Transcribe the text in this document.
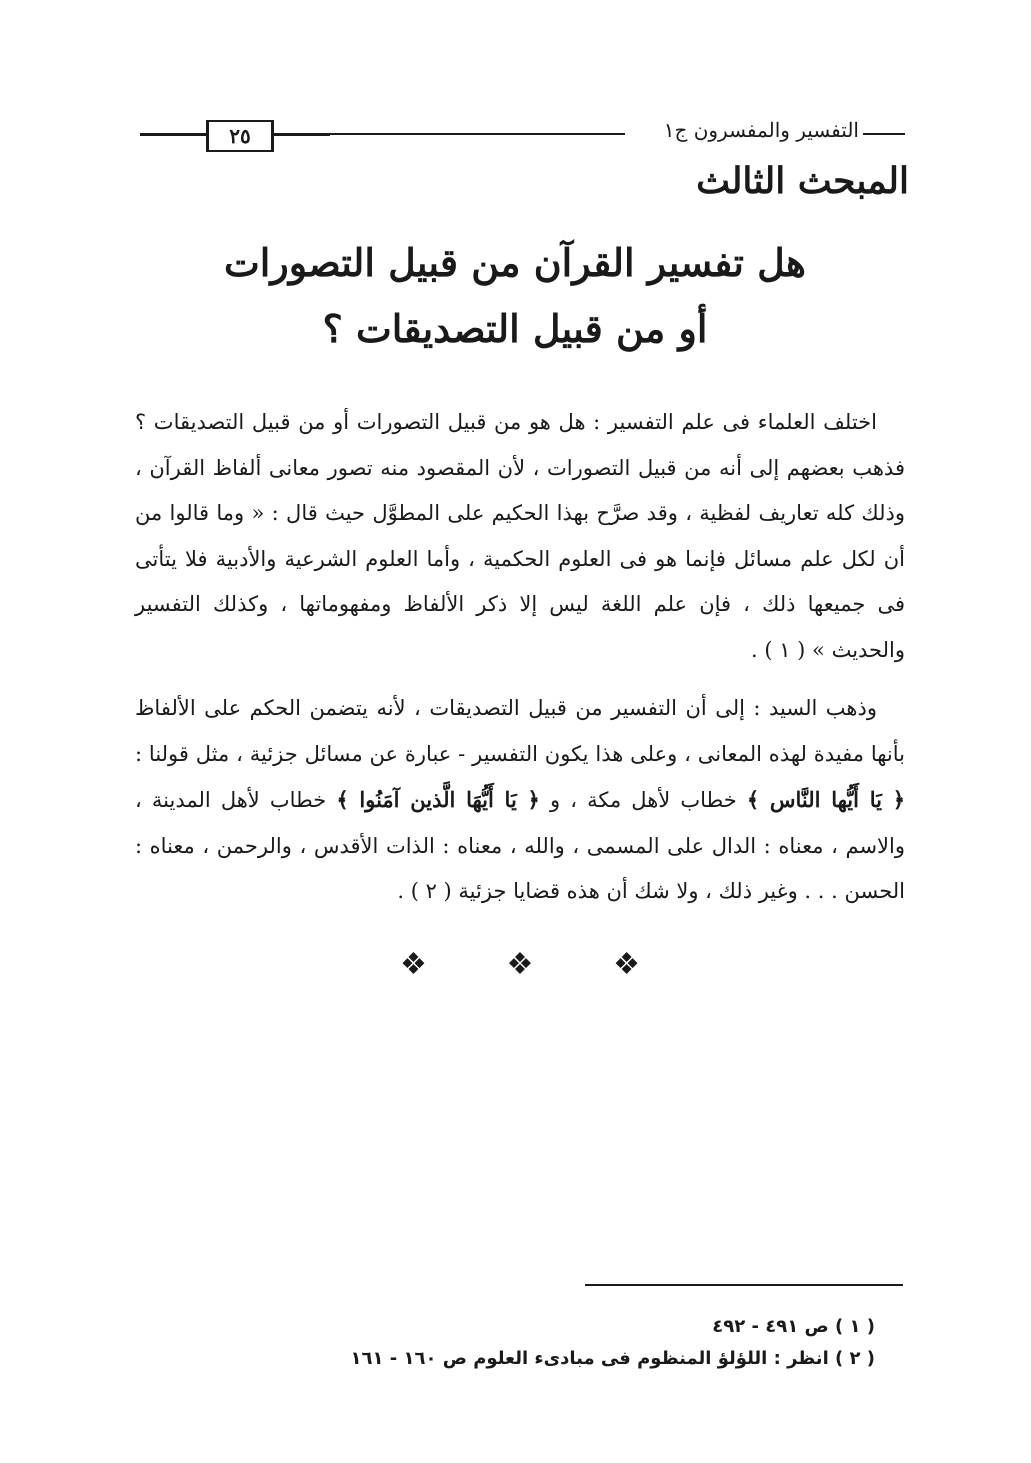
٢٥	التفسير والمفسرون ج١
المبحث الثالث
هل تفسير القرآن من قبيل التصورات
أو من قبيل التصديقات ؟

اختلف العلماء فى علم التفسير : هل هو من قبيل التصورات أو من قبيل التصديقات ؟ فذهب بعضهم إلى أنه من قبيل التصورات ، لأن المقصود منه تصور معانى ألفاظ القرآن ، وذلك كله تعاريف لفظية ، وقد صرَّح بهذا الحكيم على المطوَّل حيث قال : « وما قالوا من أن لكل علم مسائل فإنما هو فى العلوم الحكمية ، وأما العلوم الشرعية والأدبية فلا يتأتى فى جميعها ذلك ، فإن علم اللغة ليس إلا ذكر الألفاظ ومفهوماتها ، وكذلك التفسير والحديث » ( ١ ) .

وذهب السيد : إلى أن التفسير من قبيل التصديقات ، لأنه يتضمن الحكم على الألفاظ بأنها مفيدة لهذه المعانى ، وعلى هذا يكون التفسير - عبارة عن مسائل جزئية ، مثل قولنا : ﴿ يَا أَيُّها النَّاس ﴾ خطاب لأهل مكة ، و ﴿ يَا أَيُّهَا الَّذين آمَنُوا ﴾ خطاب لأهل المدينة ، والاسم ، معناه : الدال على المسمى ، والله ، معناه : الذات الأقدس ، والرحمن ، معناه : الحسن . . . وغير ذلك ، ولا شك أن هذه قضايا جزئية ( ٢ ) .

❖	❖	❖

( ١ ) ص ٤٩١ - ٤٩٢

( ٢ ) انظر : اللؤلؤ المنظوم فى مبادىء العلوم ص ١٦٠ - ١٦١
